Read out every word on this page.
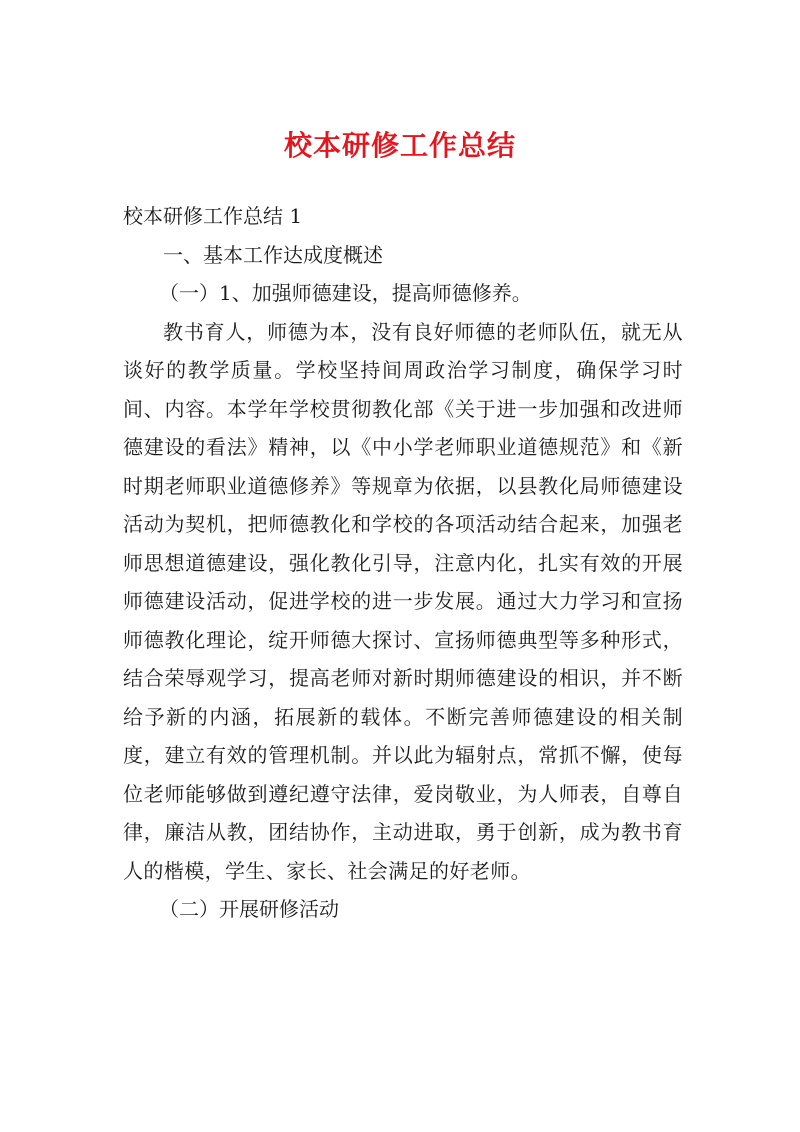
校本研修工作总结

校本研修工作总结 1

一、基本工作达成度概述

（一）1、加强师德建设，提高师德修养。

教书育人，师德为本，没有良好师德的老师队伍，就无从谈好的教学质量。学校坚持间周政治学习制度，确保学习时间、内容。本学年学校贯彻教化部《关于进一步加强和改进师德建设的看法》精神，以《中小学老师职业道德规范》和《新时期老师职业道德修养》等规章为依据，以县教化局师德建设活动为契机，把师德教化和学校的各项活动结合起来，加强老师思想道德建设，强化教化引导，注意内化，扎实有效的开展师德建设活动，促进学校的进一步发展。通过大力学习和宣扬师德教化理论，绽开师德大探讨、宣扬师德典型等多种形式，结合荣辱观学习，提高老师对新时期师德建设的相识，并不断给予新的内涵，拓展新的载体。不断完善师德建设的相关制度，建立有效的管理机制。并以此为辐射点，常抓不懈，使每位老师能够做到遵纪遵守法律，爱岗敬业，为人师表，自尊自律，廉洁从教，团结协作，主动进取，勇于创新，成为教书育人的楷模，学生、家长、社会满足的好老师。

（二）开展研修活动
